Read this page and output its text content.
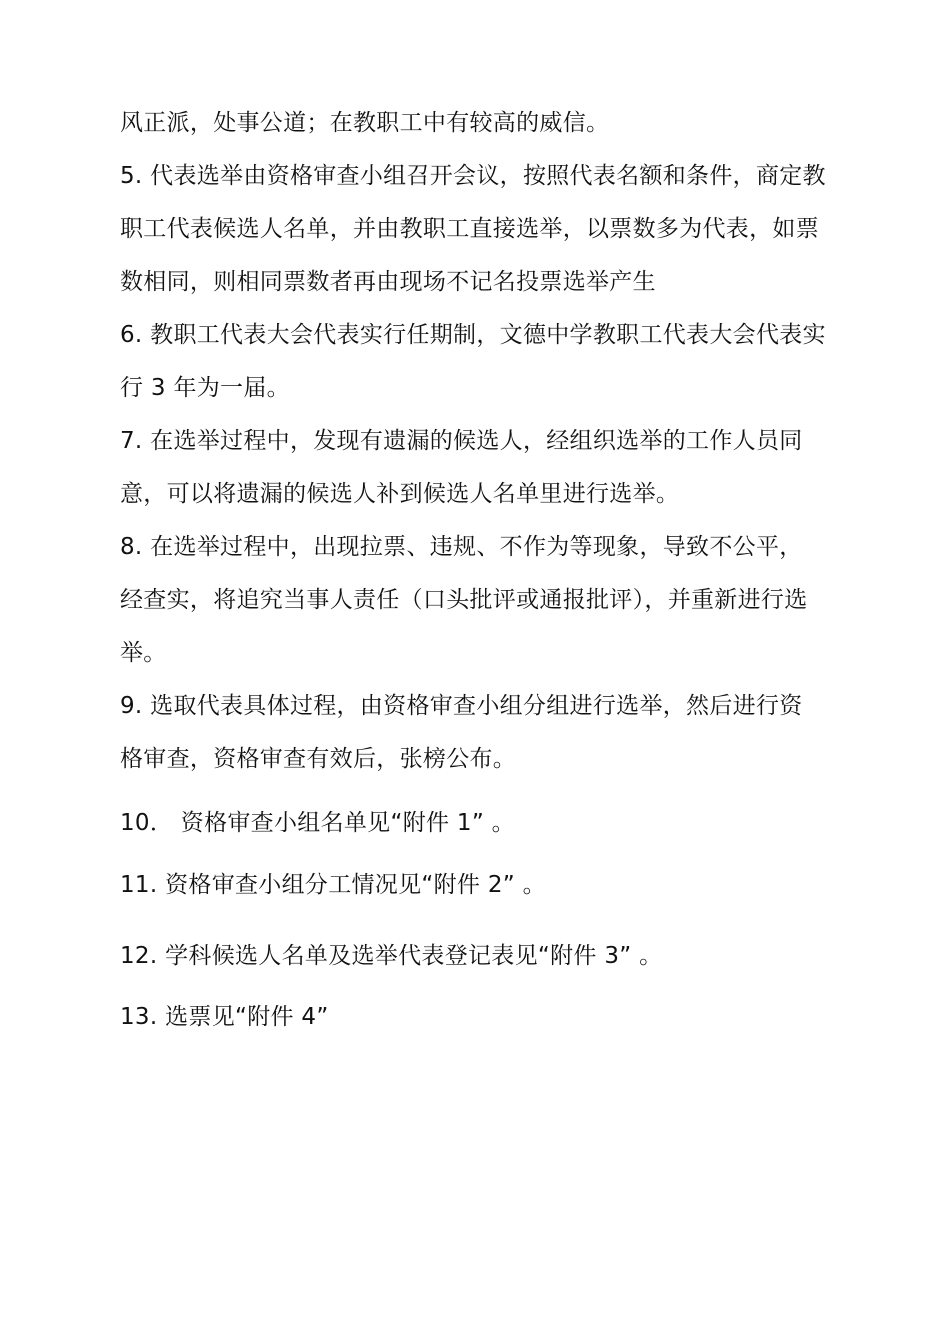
风正派，处事公道；在教职工中有较高的威信。
5. 代表选举由资格审查小组召开会议，按照代表名额和条件，商定教
职工代表候选人名单，并由教职工直接选举，以票数多为代表，如票
数相同，则相同票数者再由现场不记名投票选举产生
6. 教职工代表大会代表实行任期制，文德中学教职工代表大会代表实
行 3 年为一届。
7. 在选举过程中，发现有遗漏的候选人，经组织选举的工作人员同
意，可以将遗漏的候选人补到候选人名单里进行选举。
8. 在选举过程中，出现拉票、违规、不作为等现象，导致不公平，
经查实，将追究当事人责任（口头批评或通报批评），并重新进行选
举。
9. 选取代表具体过程，由资格审查小组分组进行选举，然后进行资
格审查，资格审查有效后，张榜公布。
10． 资格审查小组名单见“附件 1” 。
11. 资格审查小组分工情况见“附件 2” 。
12. 学科候选人名单及选举代表登记表见“附件 3” 。
13. 选票见“附件 4”
